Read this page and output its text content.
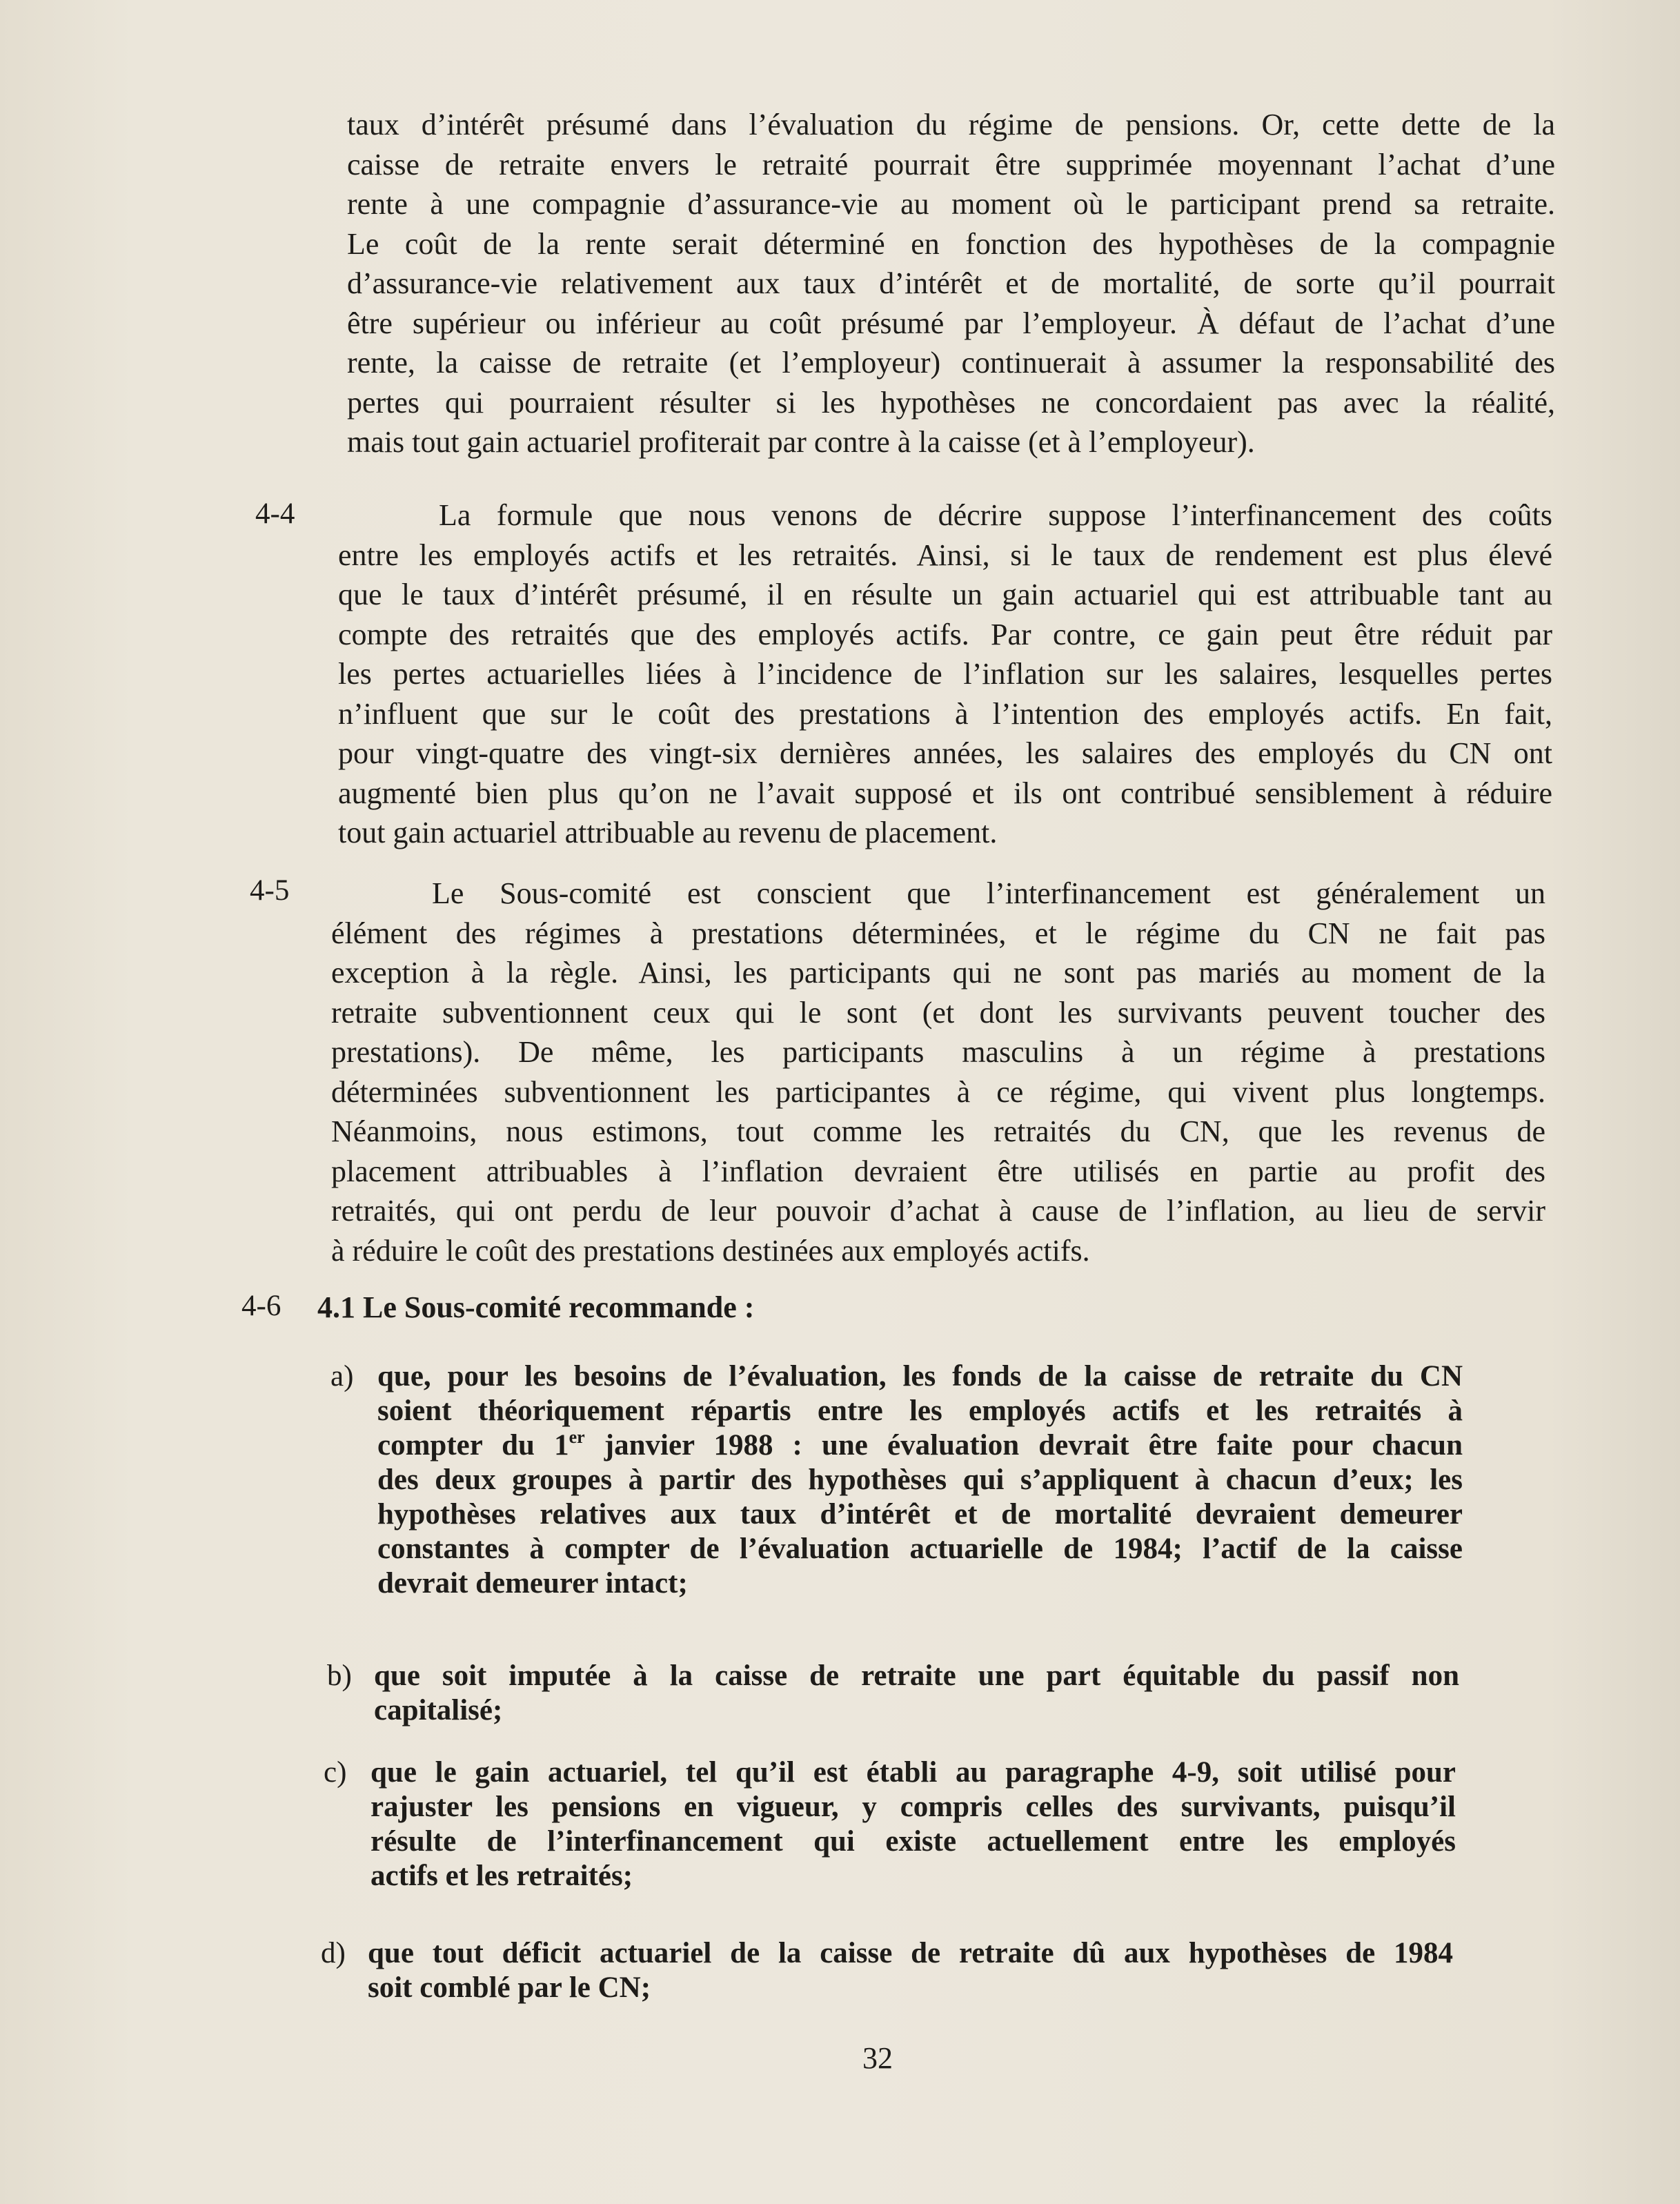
taux d’intérêt présumé dans l’évaluation du régime de pensions. Or, cette dette de la

caisse de retraite envers le retraité pourrait être supprimée moyennant l’achat d’une

rente à une compagnie d’assurance-vie au moment où le participant prend sa retraite.

Le coût de la rente serait déterminé en fonction des hypothèses de la compagnie

d’assurance-vie relativement aux taux d’intérêt et de mortalité, de sorte qu’il pourrait

être supérieur ou inférieur au coût présumé par l’employeur. À défaut de l’achat d’une

rente, la caisse de retraite (et l’employeur) continuerait à assumer la responsabilité des

pertes qui pourraient résulter si les hypothèses ne concordaient pas avec la réalité,

mais tout gain actuariel profiterait par contre à la caisse (et à l’employeur).

4-4	La formule que nous venons de décrire suppose l’interfinancement des coûts

entre les employés actifs et les retraités. Ainsi, si le taux de rendement est plus élevé

que le taux d’intérêt présumé, il en résulte un gain actuariel qui est attribuable tant au

compte des retraités que des employés actifs. Par contre, ce gain peut être réduit par

les pertes actuarielles liées à l’incidence de l’inflation sur les salaires, lesquelles pertes

n’influent que sur le coût des prestations à l’intention des employés actifs. En fait,

pour vingt-quatre des vingt-six dernières années, les salaires des employés du CN ont

augmenté bien plus qu’on ne l’avait supposé et ils ont contribué sensiblement à réduire

tout gain actuariel attribuable au revenu de placement.

4-5	Le Sous-comité est conscient que l’interfinancement est généralement un

élément des régimes à prestations déterminées, et le régime du CN ne fait pas

exception à la règle. Ainsi, les participants qui ne sont pas mariés au moment de la

retraite subventionnent ceux qui le sont (et dont les survivants peuvent toucher des

prestations). De même, les participants masculins à un régime à prestations

déterminées subventionnent les participantes à ce régime, qui vivent plus longtemps.

Néanmoins, nous estimons, tout comme les retraités du CN, que les revenus de

placement attribuables à l’inflation devraient être utilisés en partie au profit des

retraités, qui ont perdu de leur pouvoir d’achat à cause de l’inflation, au lieu de servir

à réduire le coût des prestations destinées aux employés actifs.

4-6 4.1 Le Sous-comité recommande :
a) que, pour les besoins de l’évaluation, les fonds de la caisse de retraite du CN

soient théoriquement répartis entre les employés actifs et les retraités à

compter du 1er janvier 1988 : une évaluation devrait être faite pour chacun

des deux groupes à partir des hypothèses qui s’appliquent à chacun d’eux; les

hypothèses relatives aux taux d’intérêt et de mortalité devraient demeurer

constantes à compter de l’évaluation actuarielle de 1984; l’actif de la caisse

devrait demeurer intact;

b) que soit imputée à la caisse de retraite une part équitable du passif non

capitalisé;

c) que le gain actuariel, tel qu’il est établi au paragraphe 4-9, soit utilisé pour

rajuster les pensions en vigueur, y compris celles des survivants, puisqu’il

résulte de l’interfinancement qui existe actuellement entre les employés

actifs et les retraités;

d) que tout déficit actuariel de la caisse de retraite dû aux hypothèses de 1984

soit comblé par le CN;

32
